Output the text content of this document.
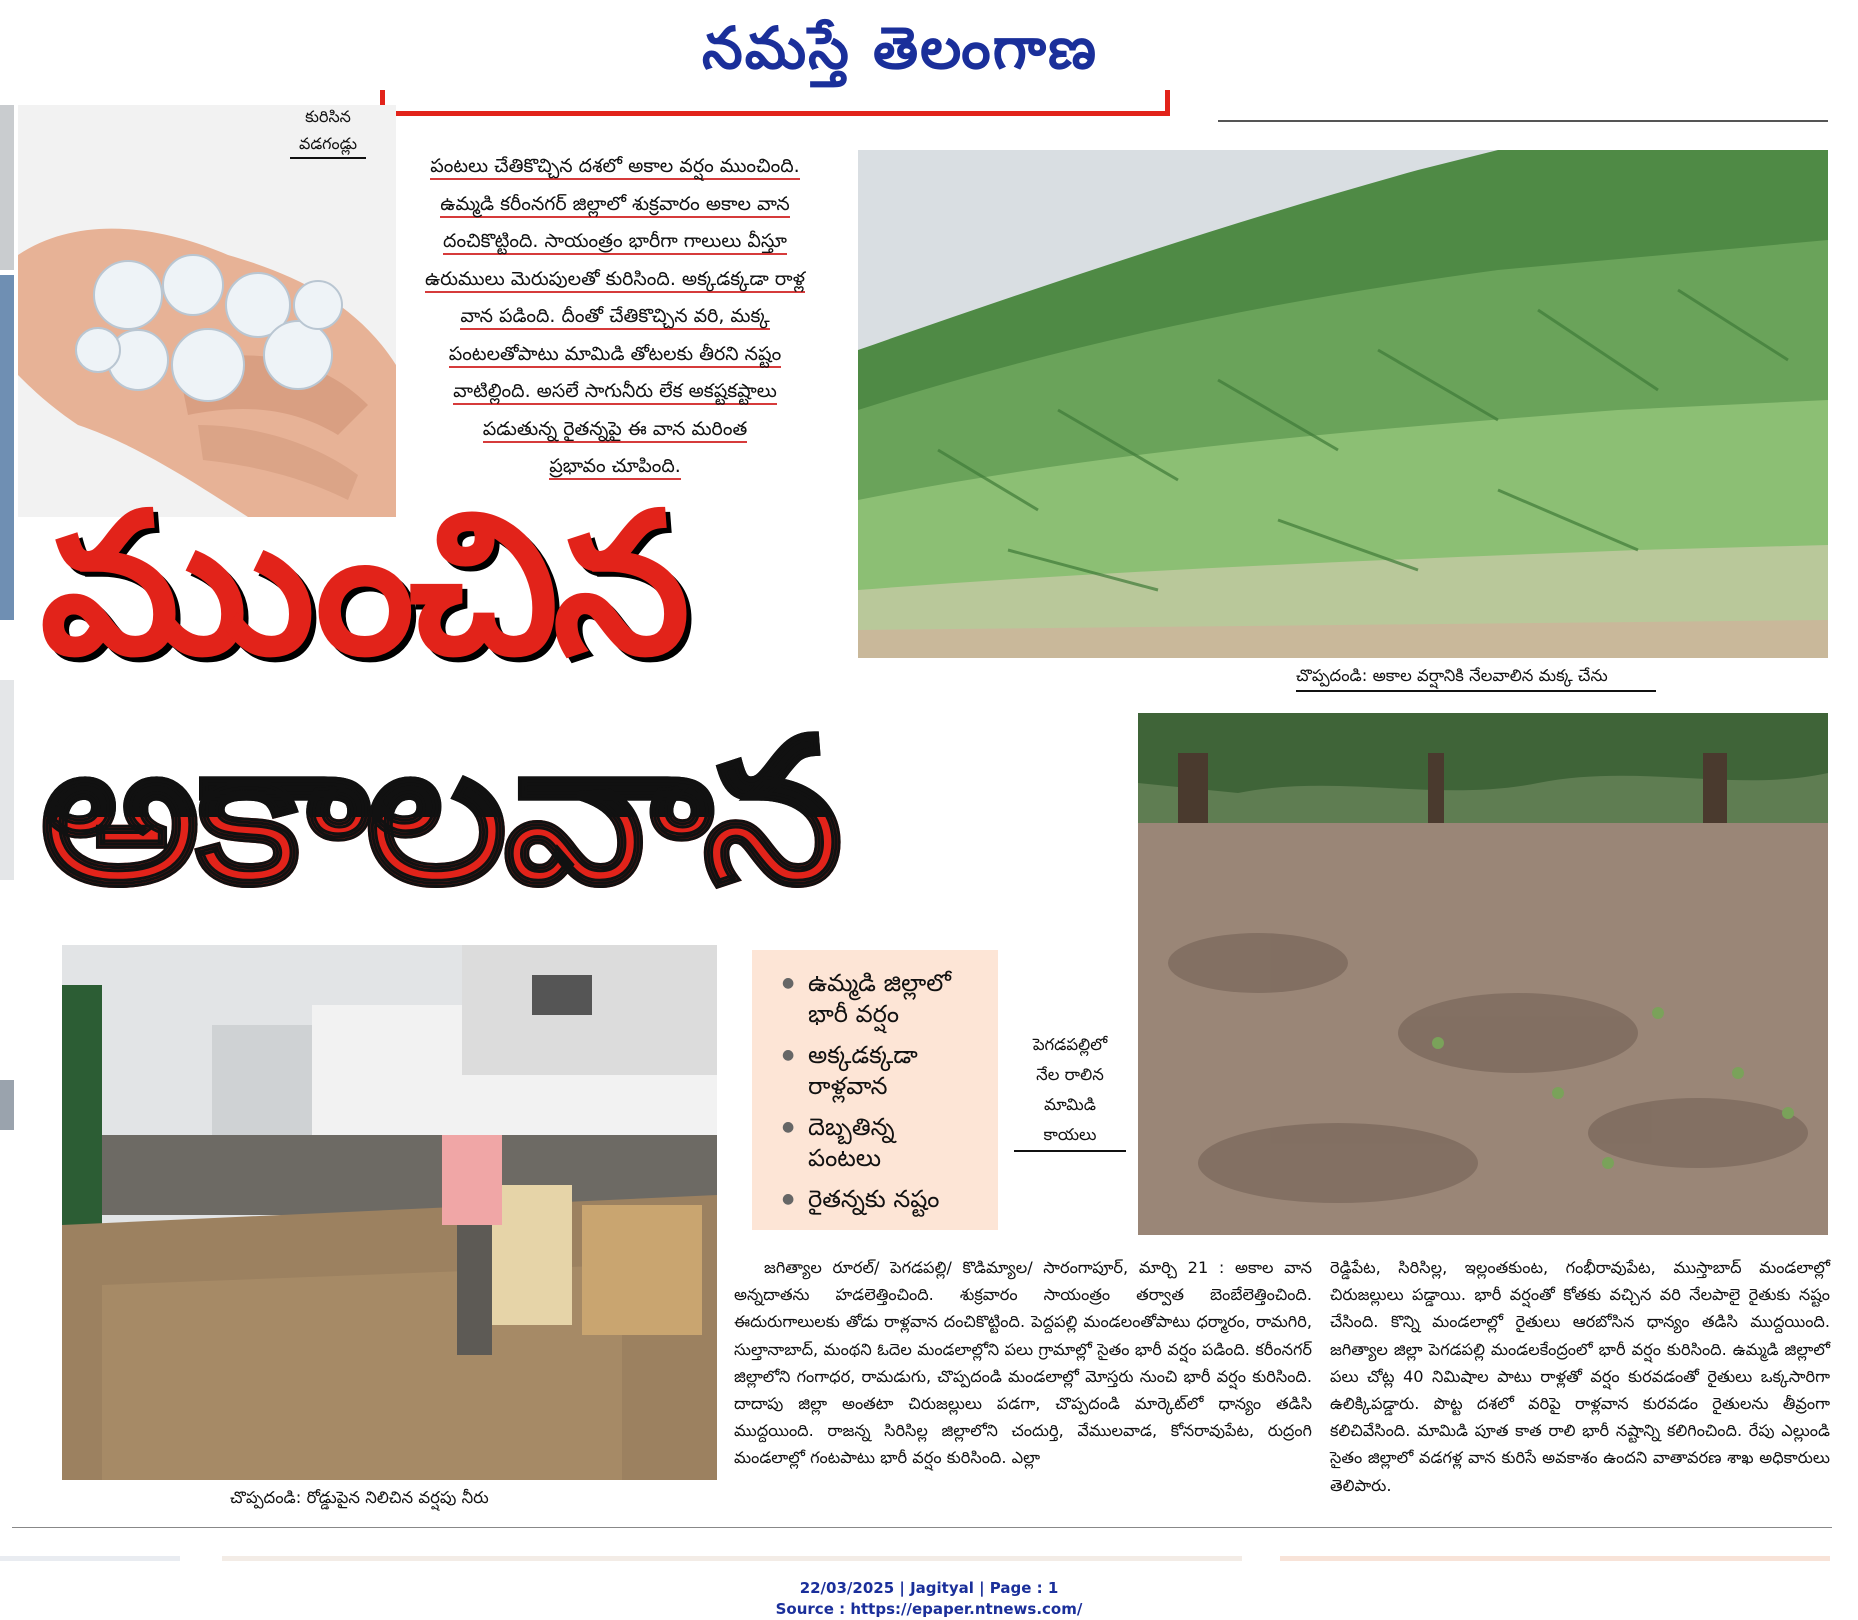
నమస్తే తెలంగాణ
కురిసిన
వడగండ్లు
పంటలు చేతికొచ్చిన దశలో అకాల వర్షం ముంచింది.
ఉమ్మడి కరీంనగర్ జిల్లాలో శుక్రవారం అకాల వాన
దంచికొట్టింది. సాయంత్రం భారీగా గాలులు వీస్తూ
ఉరుములు మెరుపులతో కురిసింది. అక్కడక్కడా రాళ్ల
వాన పడింది. దీంతో చేతికొచ్చిన వరి, మక్క
పంటలతోపాటు మామిడి తోటలకు తీరని నష్టం
వాటిల్లింది. అసలే సాగునీరు లేక అకష్టకష్టాలు
పడుతున్న రైతన్నపై ఈ వాన మరింత
ప్రభావం చూపింది.
చొప్పదండి: అకాల వర్షానికి నేలవాలిన మక్క చేను
ముంచిన
అకాలవాన
పెగడపల్లిలో
నేల రాలిన
మామిడి
కాయలు
చొప్పదండి: రోడ్డుపైన నిలిచిన వర్షపు నీరు
● ఉమ్మడి జిల్లాలో
భారీ వర్షం
● అక్కడక్కడా
రాళ్లవాన
● దెబ్బతిన్న
పంటలు
● రైతన్నకు నష్టం

జగిత్యాల రూరల్/ పెగడపల్లి/ కొడిమ్యాల/ సారంగాపూర్, మార్చి 21 : అకాల వాన అన్నదాతను హడలెత్తించింది. శుక్రవారం సాయంత్రం తర్వాత బెంబేలెత్తించింది. ఈదురుగాలులకు తోడు రాళ్లవాన దంచికొట్టింది. పెద్దపల్లి మండలంతోపాటు ధర్మారం, రామగిరి, సుల్తానాబాద్, మంథని ఓదెల మండలాల్లోని పలు గ్రామాల్లో సైతం భారీ వర్షం పడింది. కరీంనగర్ జిల్లాలోని గంగాధర, రామడుగు, చొప్పదండి మండలాల్లో మోస్తరు నుంచి భారీ వర్షం కురిసింది. దాదాపు జిల్లా అంతటా చిరుజల్లులు పడగా, చొప్పదండి మార్కెట్‌లో ధాన్యం తడిసి ముద్దయింది. రాజన్న సిరిసిల్ల జిల్లాలోని చందుర్తి, వేములవాడ, కోనరావుపేట, రుద్రంగి మండలాల్లో గంటపాటు భారీ వర్షం కురిసింది. ఎల్లా

రెడ్డిపేట, సిరిసిల్ల, ఇల్లంతకుంట, గంభీరావుపేట, ముస్తాబాద్ మండలాల్లో చిరుజల్లులు పడ్డాయి. భారీ వర్షంతో కోతకు వచ్చిన వరి నేలపాలై రైతుకు నష్టం చేసింది. కొన్ని మండలాల్లో రైతులు ఆరబోసిన ధాన్యం తడిసి ముద్దయింది. జగిత్యాల జిల్లా పెగడపల్లి మండలకేంద్రంలో భారీ వర్షం కురిసింది. ఉమ్మడి జిల్లాలో పలు చోట్ల 40 నిమిషాల పాటు రాళ్లతో వర్షం కురవడంతో రైతులు ఒక్కసారిగా ఉలిక్కిపడ్డారు. పొట్ట దశలో వరిపై రాళ్లవాన కురవడం రైతులను తీవ్రంగా కలిచివేసింది. మామిడి పూత కాత రాలి భారీ నష్టాన్ని కలిగించింది. రేపు ఎల్లుండి సైతం జిల్లాలో వడగళ్ల వాన కురిసే అవకాశం ఉందని వాతావరణ శాఖ అధికారులు తెలిపారు.

22/03/2025 | Jagityal | Page : 1
Source : https://epaper.ntnews.com/
